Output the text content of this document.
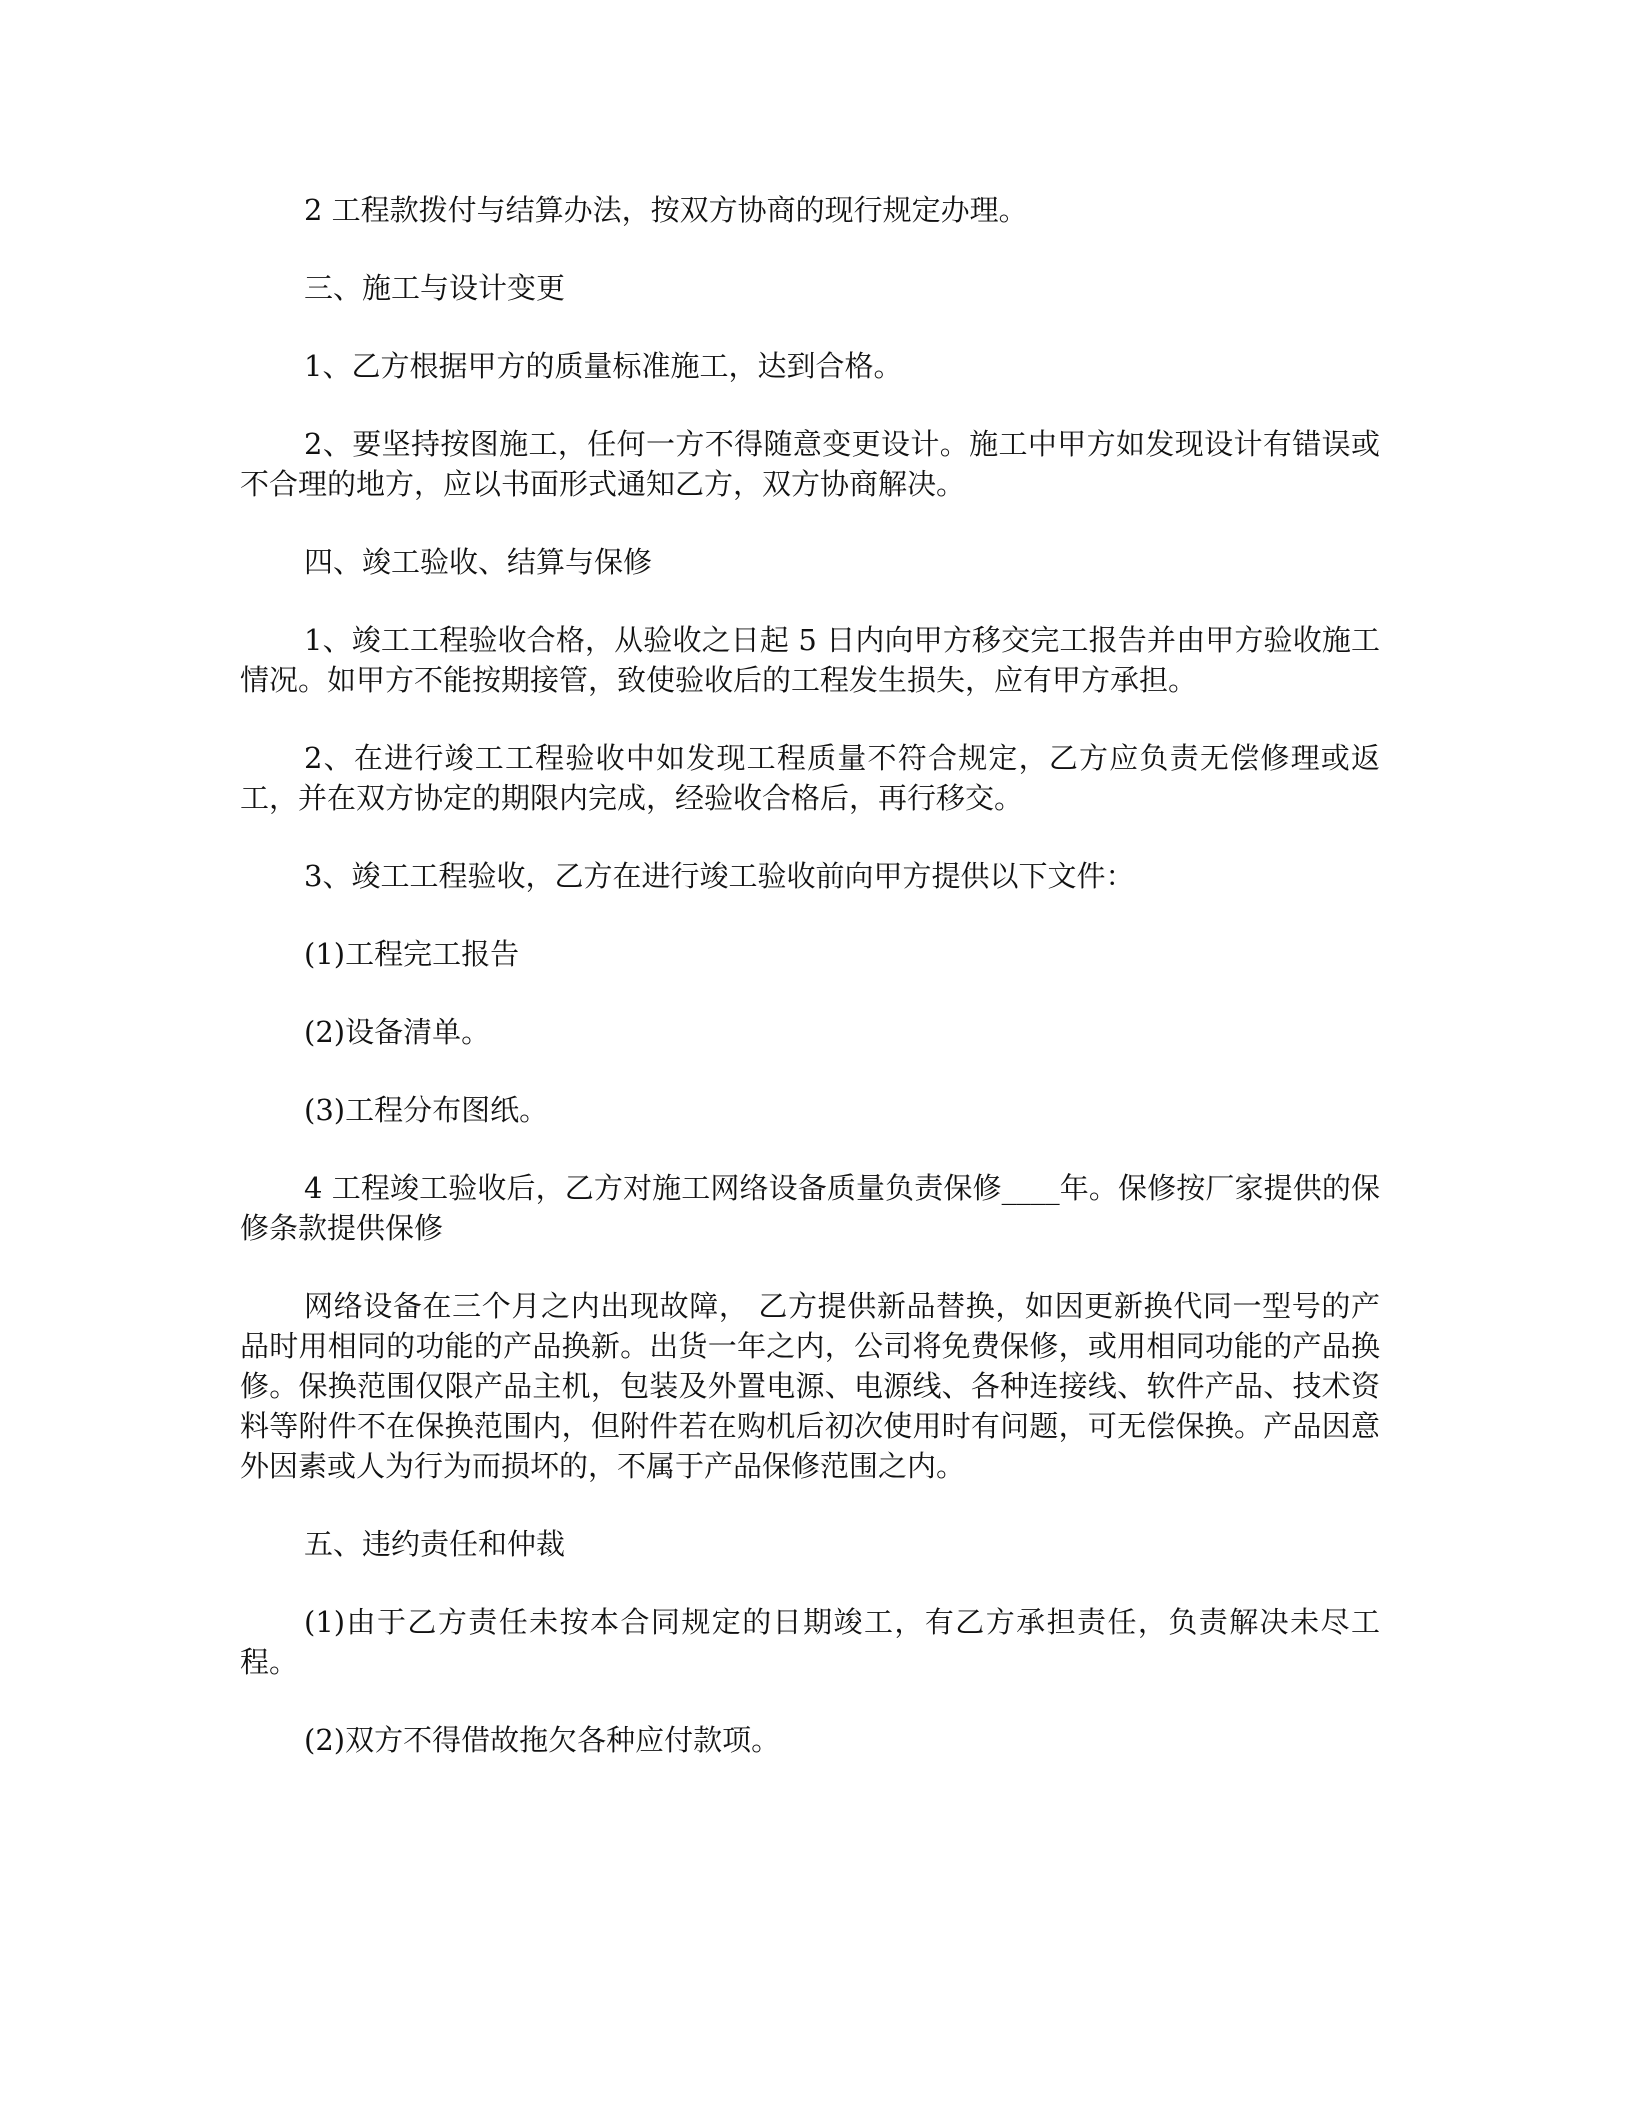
2 工程款拨付与结算办法，按双方协商的现行规定办理。

三、施工与设计变更

1、乙方根据甲方的质量标准施工，达到合格。

2、要坚持按图施工，任何一方不得随意变更设计。施工中甲方如发现设计有错误或不合理的地方，应以书面形式通知乙方，双方协商解决。

四、竣工验收、结算与保修

1、竣工工程验收合格，从验收之日起 5 日内向甲方移交完工报告并由甲方验收施工情况。如甲方不能按期接管，致使验收后的工程发生损失，应有甲方承担。

2、在进行竣工工程验收中如发现工程质量不符合规定，乙方应负责无偿修理或返工，并在双方协定的期限内完成，经验收合格后，再行移交。

3、竣工工程验收，乙方在进行竣工验收前向甲方提供以下文件：

(1)工程完工报告

(2)设备清单。

(3)工程分布图纸。

4 工程竣工验收后，乙方对施工网络设备质量负责保修____年。保修按厂家提供的保修条款提供保修

网络设备在三个月之内出现故障， 乙方提供新品替换，如因更新换代同一型号的产品时用相同的功能的产品换新。出货一年之内，公司将免费保修，或用相同功能的产品换修。保换范围仅限产品主机，包装及外置电源、电源线、各种连接线、软件产品、技术资料等附件不在保换范围内，但附件若在购机后初次使用时有问题，可无偿保换。产品因意外因素或人为行为而损坏的，不属于产品保修范围之内。

五、违约责任和仲裁

(1)由于乙方责任未按本合同规定的日期竣工，有乙方承担责任，负责解决未尽工程。

(2)双方不得借故拖欠各种应付款项。
